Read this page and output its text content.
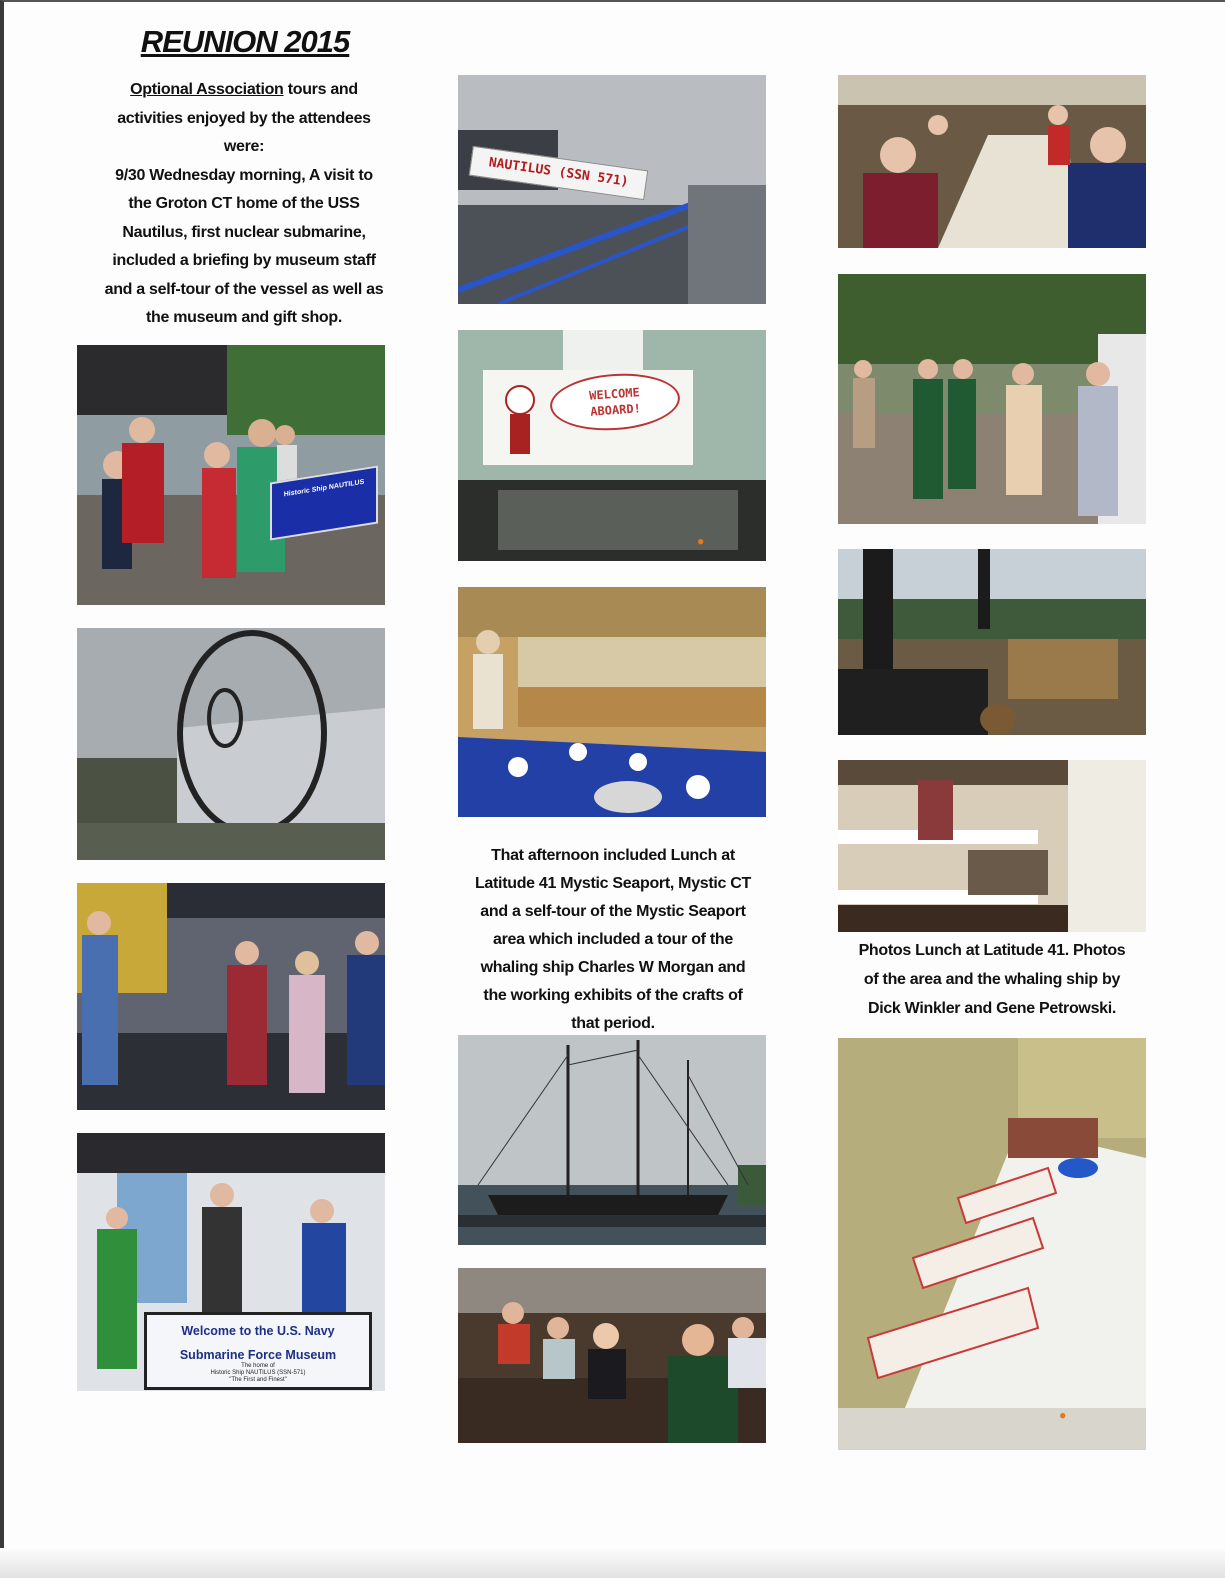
REUNION 2015
Optional Association tours and
activities enjoyed by the attendees
were:
9/30 Wednesday morning, A visit to
the Groton CT home of the USS
Nautilus, first nuclear submarine,
included a briefing by museum staff
and a self-tour of the vessel as well as
the museum and gift shop.
Historic Ship NAUTILUS
Welcome to the U.S. Navy
Submarine Force Museum
The home of
Historic Ship NAUTILUS (SSN-571)
"The First and Finest"
NAUTILUS (SSN 571)
WELCOME
ABOARD!
That afternoon included Lunch at
Latitude 41 Mystic Seaport, Mystic CT
and a self-tour of the Mystic Seaport
area which included a tour of the
whaling ship Charles W Morgan and
the working exhibits of the crafts of
that period.
Photos Lunch at Latitude 41. Photos
of the area and the whaling ship by
Dick Winkler and Gene Petrowski.
●
●
